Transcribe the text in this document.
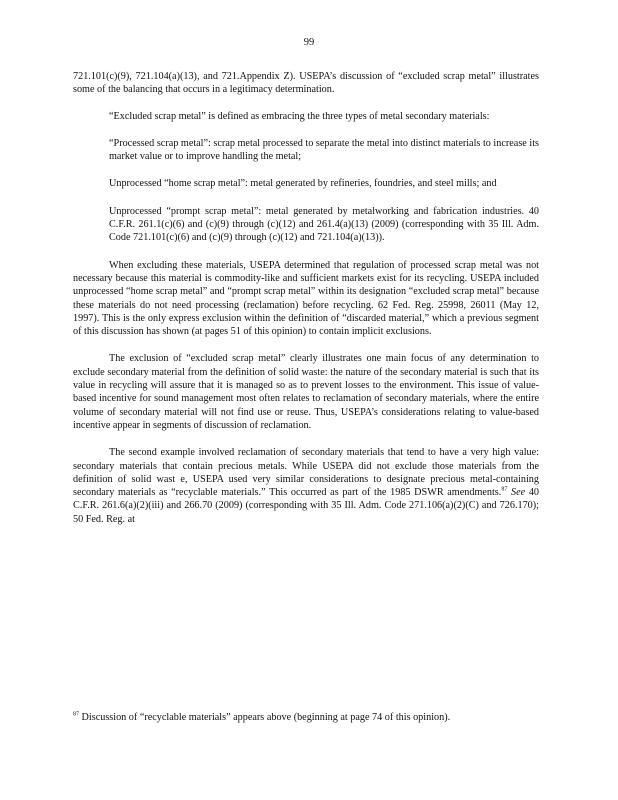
99

721.101(c)(9), 721.104(a)(13), and 721.Appendix Z). USEPA’s discussion of “excluded scrap metal” illustrates some of the balancing that occurs in a legitimacy determination.

“Excluded scrap metal” is defined as embracing the three types of metal secondary materials:

“Processed scrap metal”: scrap metal processed to separate the metal into distinct materials to increase its market value or to improve handling the metal;

Unprocessed “home scrap metal”: metal generated by refineries, foundries, and steel mills; and

Unprocessed “prompt scrap metal”: metal generated by metalworking and fabrication industries. 40 C.F.R. 261.1(c)(6) and (c)(9) through (c)(12) and 261.4(a)(13) (2009) (corresponding with 35 Ill. Adm. Code 721.101(c)(6) and (c)(9) through (c)(12) and 721.104(a)(13)).

When excluding these materials, USEPA determined that regulation of processed scrap metal was not necessary because this material is commodity-like and sufficient markets exist for its recycling. USEPA included unprocessed “home scrap metal” and “prompt scrap metal” within its designation “excluded scrap metal” because these materials do not need processing (reclamation) before recycling. 62 Fed. Reg. 25998, 26011 (May 12, 1997). This is the only express exclusion within the definition of “discarded material,” which a previous segment of this discussion has shown (at pages 51 of this opinion) to contain implicit exclusions.

The exclusion of “excluded scrap metal” clearly illustrates one main focus of any determination to exclude secondary material from the definition of solid waste: the nature of the secondary material is such that its value in recycling will assure that it is managed so as to prevent losses to the environment. This issue of value-based incentive for sound management most often relates to reclamation of secondary materials, where the entire volume of secondary material will not find use or reuse. Thus, USEPA’s considerations relating to value-based incentive appear in segments of discussion of reclamation.

The second example involved reclamation of secondary materials that tend to have a very high value: secondary materials that contain precious metals. While USEPA did not exclude those materials from the definition of solid wast e, USEPA used very similar considerations to designate precious metal-containing secondary materials as “recyclable materials.” This occurred as part of the 1985 DSWR amendments.$^{87}$ See 40 C.F.R. 261.6(a)(2)(iii) and 266.70 (2009) (corresponding with 35 Ill. Adm. Code 271.106(a)(2)(C) and 726.170); 50 Fed. Reg. at

$^{87}$ Discussion of “recyclable materials” appears above (beginning at page 74 of this opinion).
